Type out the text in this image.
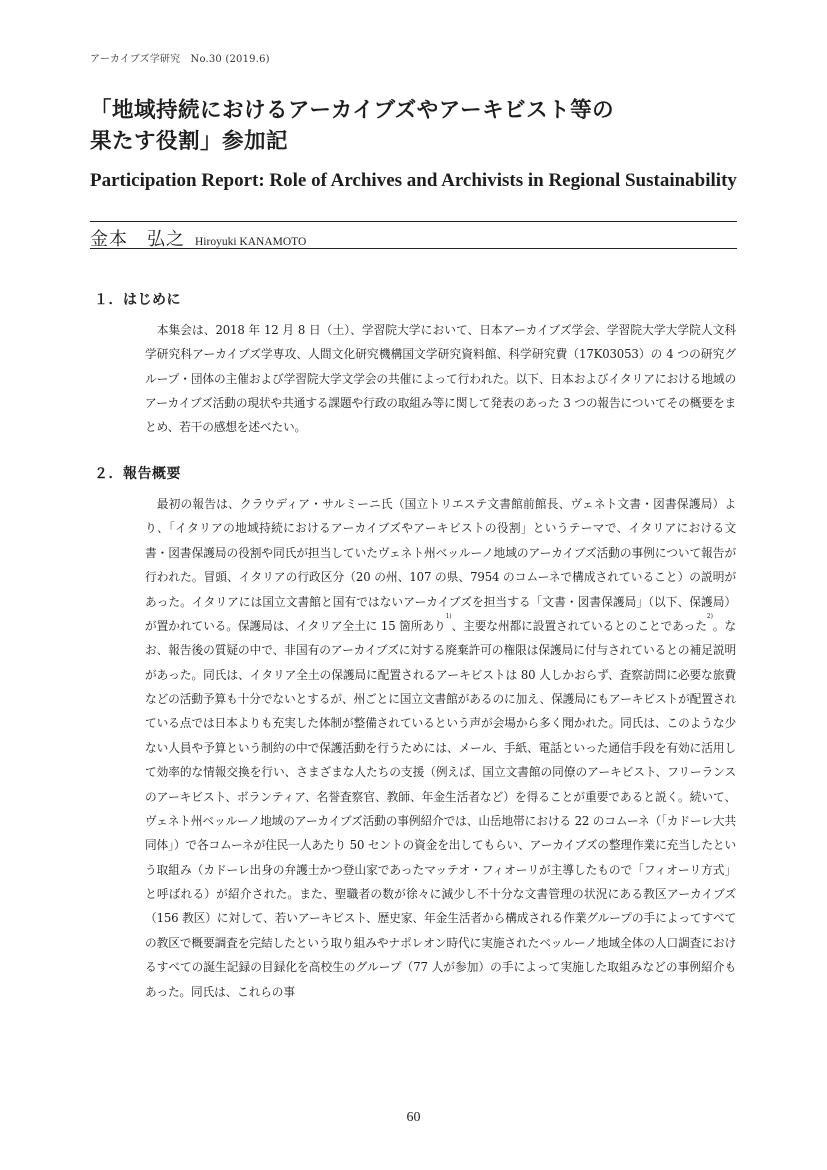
アーカイブズ学研究　No.30 (2019.6)
「地域持続におけるアーカイブズやアーキビスト等の
果たす役割」参加記
Participation Report: Role of Archives and Archivists in Regional Sustainability
金本　弘之 Hiroyuki KANAMOTO
１．はじめに

本集会は、2018 年 12 月 8 日（土）、学習院大学において、日本アーカイブズ学会、学習院大学大学院人文科学研究科アーカイブズ学専攻、人間文化研究機構国文学研究資料館、科学研究費（17K03053）の 4 つの研究グループ・団体の主催および学習院大学文学会の共催によって行われた。以下、日本およびイタリアにおける地域のアーカイブズ活動の現状や共通する課題や行政の取組み等に関して発表のあった 3 つの報告についてその概要をまとめ、若干の感想を述べたい。

２．報告概要

最初の報告は、クラウディア・サルミーニ氏（国立トリエステ文書館前館長、ヴェネト文書・図書保護局）より、「イタリアの地域持続におけるアーカイブズやアーキビストの役割」というテーマで、イタリアにおける文書・図書保護局の役割や同氏が担当していたヴェネト州ベッルーノ地域のアーカイブズ活動の事例について報告が行われた。冒頭、イタリアの行政区分（20 の州、107 の県、7954 のコムーネで構成されていること）の説明があった。イタリアには国立文書館と国有ではないアーカイブズを担当する「文書・図書保護局」（以下、保護局）が置かれている。保護局は、イタリア全土に 15 箇所あり$^{1)}$、主要な州都に設置されているとのことであった$^{2)}$。なお、報告後の質疑の中で、非国有のアーカイブズに対する廃棄許可の権限は保護局に付与されているとの補足説明があった。同氏は、イタリア全土の保護局に配置されるアーキビストは 80 人しかおらず、査察訪問に必要な旅費などの活動予算も十分でないとするが、州ごとに国立文書館があるのに加え、保護局にもアーキビストが配置されている点では日本よりも充実した体制が整備されているという声が会場から多く聞かれた。同氏は、このような少ない人員や予算という制約の中で保護活動を行うためには、メール、手紙、電話といった通信手段を有効に活用して効率的な情報交換を行い、さまざまな人たちの支援（例えば、国立文書館の同僚のアーキビスト、フリーランスのアーキビスト、ボランティア、名誉査察官、教師、年金生活者など）を得ることが重要であると説く。続いて、ヴェネト州ベッルーノ地域のアーカイブズ活動の事例紹介では、山岳地帯における 22 のコムーネ（「カドーレ大共同体」）で各コムーネが住民一人あたり 50 セントの資金を出してもらい、アーカイブズの整理作業に充当したという取組み（カドーレ出身の弁護士かつ登山家であったマッテオ・フィオーリが主導したもので「フィオーリ方式」と呼ばれる）が紹介された。また、聖職者の数が徐々に減少し不十分な文書管理の状況にある教区アーカイブズ（156 教区）に対して、若いアーキビスト、歴史家、年金生活者から構成される作業グループの手によってすべての教区で概要調査を完結したという取り組みやナポレオン時代に実施されたベッルーノ地域全体の人口調査におけるすべての誕生記録の目録化を高校生のグループ（77 人が参加）の手によって実施した取組みなどの事例紹介もあった。同氏は、これらの事

60
